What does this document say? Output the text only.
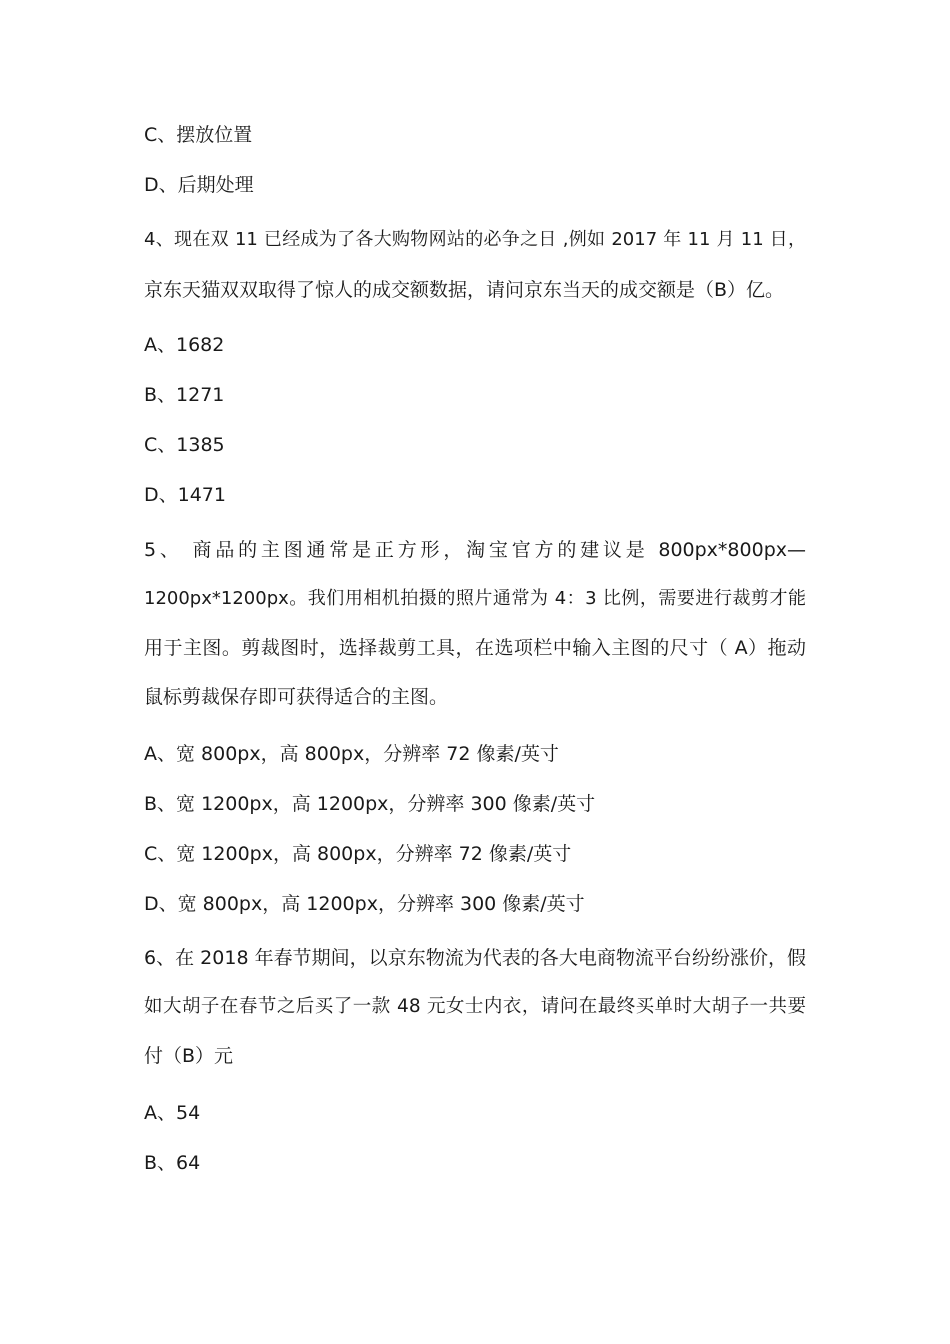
C、摆放位置
D、后期处理
4、现在双 11 已经成为了各大购物网站的必争之日 ,例如 2017 年 11 月 11 日，
京东天猫双双取得了惊人的成交额数据，请问京东当天的成交额是（B）亿。
A、1682
B、1271
C、1385
D、1471
5、 商品的主图通常是正方形，淘宝官方的建议是 800px*800px—
1200px*1200px。我们用相机拍摄的照片通常为 4：3 比例，需要进行裁剪才能
用于主图。剪裁图时，选择裁剪工具，在选项栏中输入主图的尺寸（ A）拖动
鼠标剪裁保存即可获得适合的主图。
A、宽 800px，高 800px，分辨率 72 像素/英寸
B、宽 1200px，高 1200px，分辨率 300 像素/英寸
C、宽 1200px，高 800px，分辨率 72 像素/英寸
D、宽 800px，高 1200px，分辨率 300 像素/英寸
6、在 2018 年春节期间，以京东物流为代表的各大电商物流平台纷纷涨价，假
如大胡子在春节之后买了一款 48 元女士内衣，请问在最终买单时大胡子一共要
付（B）元
A、54
B、64
